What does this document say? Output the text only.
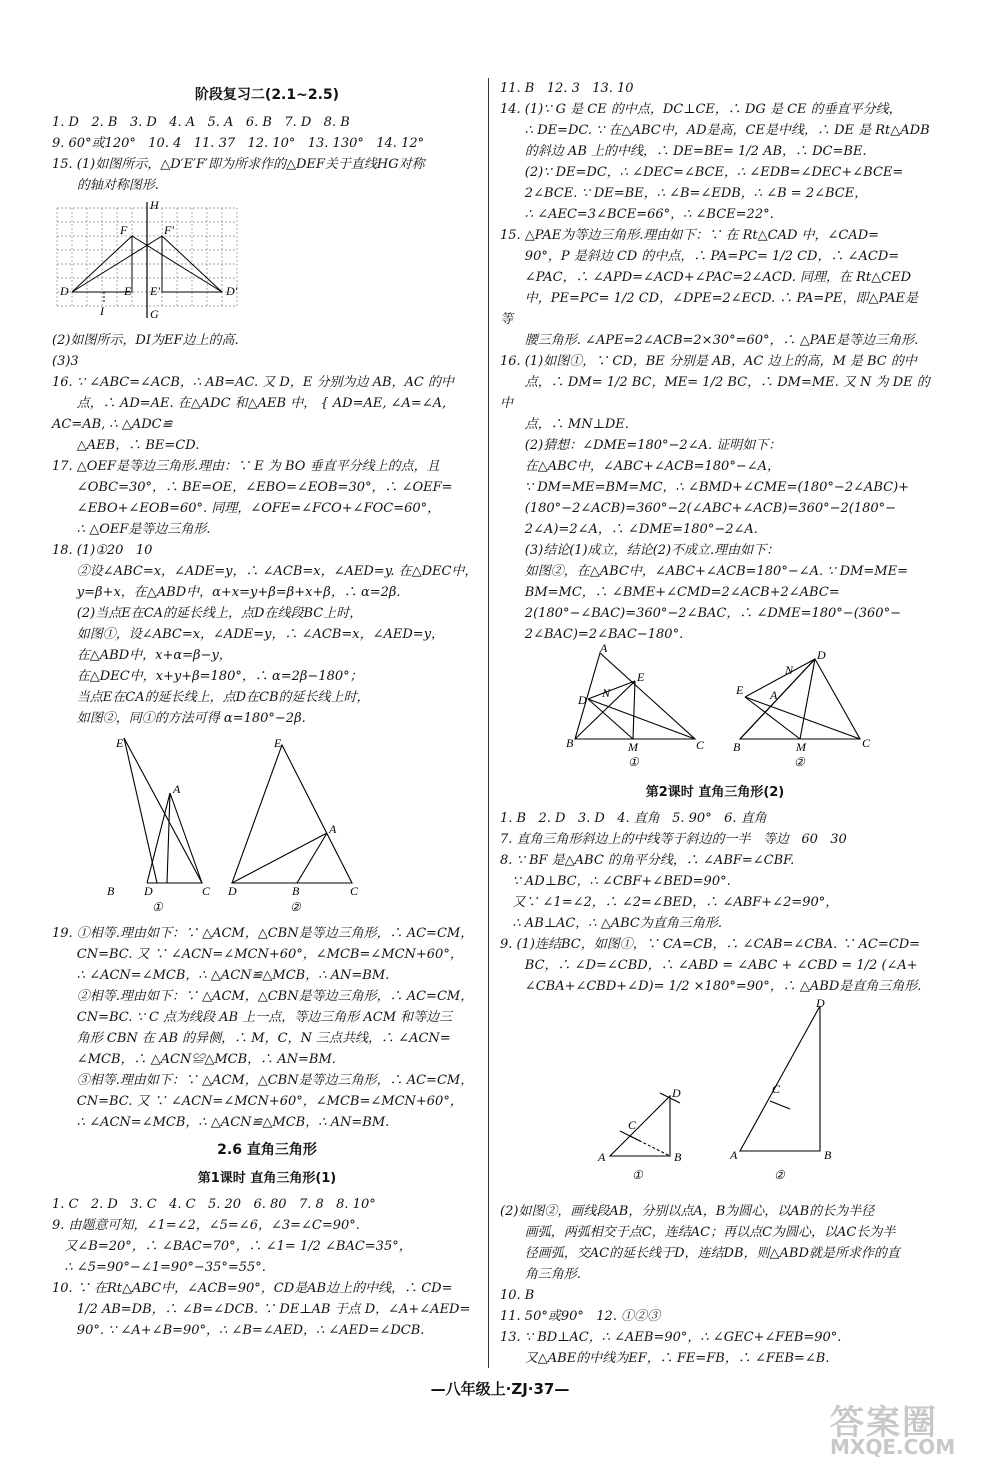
阶段复习二(2.1~2.5)
1. D   2. B   3. D   4. A   5. A   6. B   7. D   8. B
9. 60°或120°   10. 4   11. 37   12. 10°   13. 130°   14. 12°
15. (1)如图所示，△D′E′F′即为所求作的△DEF关于直线HG对称
的轴对称图形.
H
G
F	F'
D	D'
E E'
I
(2)如图所示，DI为EF边上的高.
(3)3
16. ∵ ∠ABC=∠ACB，∴ AB=AC. 又 D，E 分别为边 AB，AC 的中
点，∴ AD=AE. 在△ADC 和△AEB 中， { AD=AE, ∠A=∠A, AC=AB, ∴ △ADC≌
△AEB，∴ BE=CD.
17. △OEF是等边三角形.理由：∵ E 为 BO 垂直平分线上的点，且
∠OBC=30°，∴ BE=OE，∠EBO=∠EOB=30°，∴ ∠OEF=
∠EBO+∠EOB=60°. 同理，∠OFE=∠FCO+∠FOC=60°，
∴ △OEF是等边三角形.
18. (1)①20   10
②设∠ABC=x，∠ADE=y，∴ ∠ACB=x，∠AED=y. 在△DEC中，
y=β+x，在△ABD中，α+x=y+β=β+x+β，∴ α=2β.
(2)当点E在CA的延长线上，点D在线段BC上时，
如图①，设∠ABC=x，∠ADE=y，∴ ∠ACB=x，∠AED=y，
在△ABD中，x+α=β−y，
在△DEC中，x+y+β=180°，∴ α=2β−180°；
当点E在CA的延长线上，点D在CB的延长线上时，
如图②，同①的方法可得 α=180°−2β.
E
A
B D	C
①
E
A
D	B	C
②
19. ①相等.理由如下：∵ △ACM，△CBN是等边三角形，∴ AC=CM，
CN=BC. 又 ∵ ∠ACN=∠MCN+60°，∠MCB=∠MCN+60°，
∴ ∠ACN=∠MCB，∴ △ACN≌△MCB，∴ AN=BM.
②相等.理由如下：∵ △ACM，△CBN是等边三角形，∴ AC=CM，
CN=BC. ∵ C 点为线段 AB 上一点，等边三角形 ACM 和等边三
角形 CBN 在 AB 的异侧，∴ M，C，N 三点共线，∴ ∠ACN=
∠MCB，∴ △ACN≌△MCB，∴ AN=BM.
③相等.理由如下：∵ △ACM，△CBN是等边三角形，∴ AC=CM，
CN=BC. 又 ∵ ∠ACN=∠MCN+60°，∠MCB=∠MCN+60°，
∴ ∠ACN=∠MCB，∴ △ACN≌△MCB，∴ AN=BM.
2.6 直角三角形
第1课时 直角三角形(1)
1. C   2. D   3. C   4. C   5. 20   6. 80   7. 8   8. 10°
9. 由题意可知，∠1=∠2，∠5=∠6，∠3=∠C=90°.
又∠B=20°，∴ ∠BAC=70°，∴ ∠1= 1/2 ∠BAC=35°，
∴ ∠5=90°−∠1=90°−35°=55°.
10. ∵ 在Rt△ABC中，∠ACB=90°，CD是AB边上的中线，∴ CD=
1/2 AB=DB，∴ ∠B=∠DCB. ∵ DE⊥AB 于点 D，∠A+∠AED=
90°. ∵ ∠A+∠B=90°，∴ ∠B=∠AED，∴ ∠AED=∠DCB.
11. B   12. 3   13. 10
14. (1)∵ G 是 CE 的中点，DC⊥CE，∴ DG 是 CE 的垂直平分线，
∴ DE=DC. ∵ 在△ABC中，AD是高，CE是中线，∴ DE 是 Rt△ADB
的斜边 AB 上的中线，∴ DE=BE= 1/2 AB，∴ DC=BE.
(2)∵ DE=DC，∴ ∠DEC=∠BCE，∴ ∠EDB=∠DEC+∠BCE=
2∠BCE. ∵ DE=BE，∴ ∠B=∠EDB，∴ ∠B = 2∠BCE，
∴ ∠AEC=3∠BCE=66°，∴ ∠BCE=22°.
15. △PAE为等边三角形.理由如下：∵ 在 Rt△CAD 中，∠CAD=
90°，P 是斜边 CD 的中点，∴ PA=PC= 1/2 CD，∴ ∠ACD=
∠PAC，∴ ∠APD=∠ACD+∠PAC=2∠ACD. 同理，在 Rt△CED
中，PE=PC= 1/2 CD，∠DPE=2∠ECD. ∴ PA=PE，即△PAE是等
腰三角形. ∠APE=2∠ACB=2×30°=60°，∴ △PAE是等边三角形.
16. (1)如图①，∵ CD，BE 分别是 AB，AC 边上的高，M 是 BC 的中
点，∴ DM= 1/2 BC，ME= 1/2 BC，∴ DM=ME. 又 N 为 DE 的中
点，∴ MN⊥DE.
(2)猜想：∠DME=180°−2∠A. 证明如下：
在△ABC中，∠ABC+∠ACB=180°−∠A，
∵ DM=ME=BM=MC，∴ ∠BMD+∠CME=(180°−2∠ABC)+
(180°−2∠ACB)=360°−2(∠ABC+∠ACB)=360°−2(180°−
2∠A)=2∠A，∴ ∠DME=180°−2∠A.
(3)结论(1)成立，结论(2)不成立.理由如下：
如图②，在△ABC中，∠ABC+∠ACB=180°−∠A. ∵ DM=ME=
BM=MC，∴ ∠BME+∠CMD=2∠ACB+2∠ABC=
2(180°−∠BAC)=360°−2∠BAC，∴ ∠DME=180°−(360°−
2∠BAC)=2∠BAC−180°.
A
E
N
D
B	M	C
①
D
N
E A
B	M	C
②
第2课时 直角三角形(2)
1. B   2. D   3. D   4. 直角   5. 90°   6. 直角
7. 直角三角形斜边上的中线等于斜边的一半   等边   60   30
8. ∵ BF 是△ABC 的角平分线，∴ ∠ABF=∠CBF.
∵ AD⊥BC，∴ ∠CBF+∠BED=90°.
又∵ ∠1=∠2，∴ ∠2=∠BED，∴ ∠ABF+∠2=90°，
∴ AB⊥AC，∴ △ABC为直角三角形.
9. (1)连结BC，如图①，∵ CA=CB，∴ ∠CAB=∠CBA. ∵ AC=CD=
BC，∴ ∠D=∠CBD，∴ ∠ABD = ∠ABC + ∠CBD = 1/2 (∠A+
∠CBA+∠CBD+∠D)= 1/2 ×180°=90°，∴ △ABD是直角三角形.
D
C
A	B
①
D
C
A	B
②
(2)如图②，画线段AB，分别以点A，B为圆心，以AB的长为半径
画弧，两弧相交于点C，连结AC；再以点C为圆心，以AC长为半
径画弧，交AC的延长线于D，连结DB，则△ABD就是所求作的直
角三角形.
10. B
11. 50°或90°   12. ①②③
13. ∵ BD⊥AC，∴ ∠AEB=90°，∴ ∠GEC+∠FEB=90°.
又△ABE的中线为EF，∴ FE=FB，∴ ∠FEB=∠B.
—八年级上·ZJ·37—
答案圈
MXQE.COM
